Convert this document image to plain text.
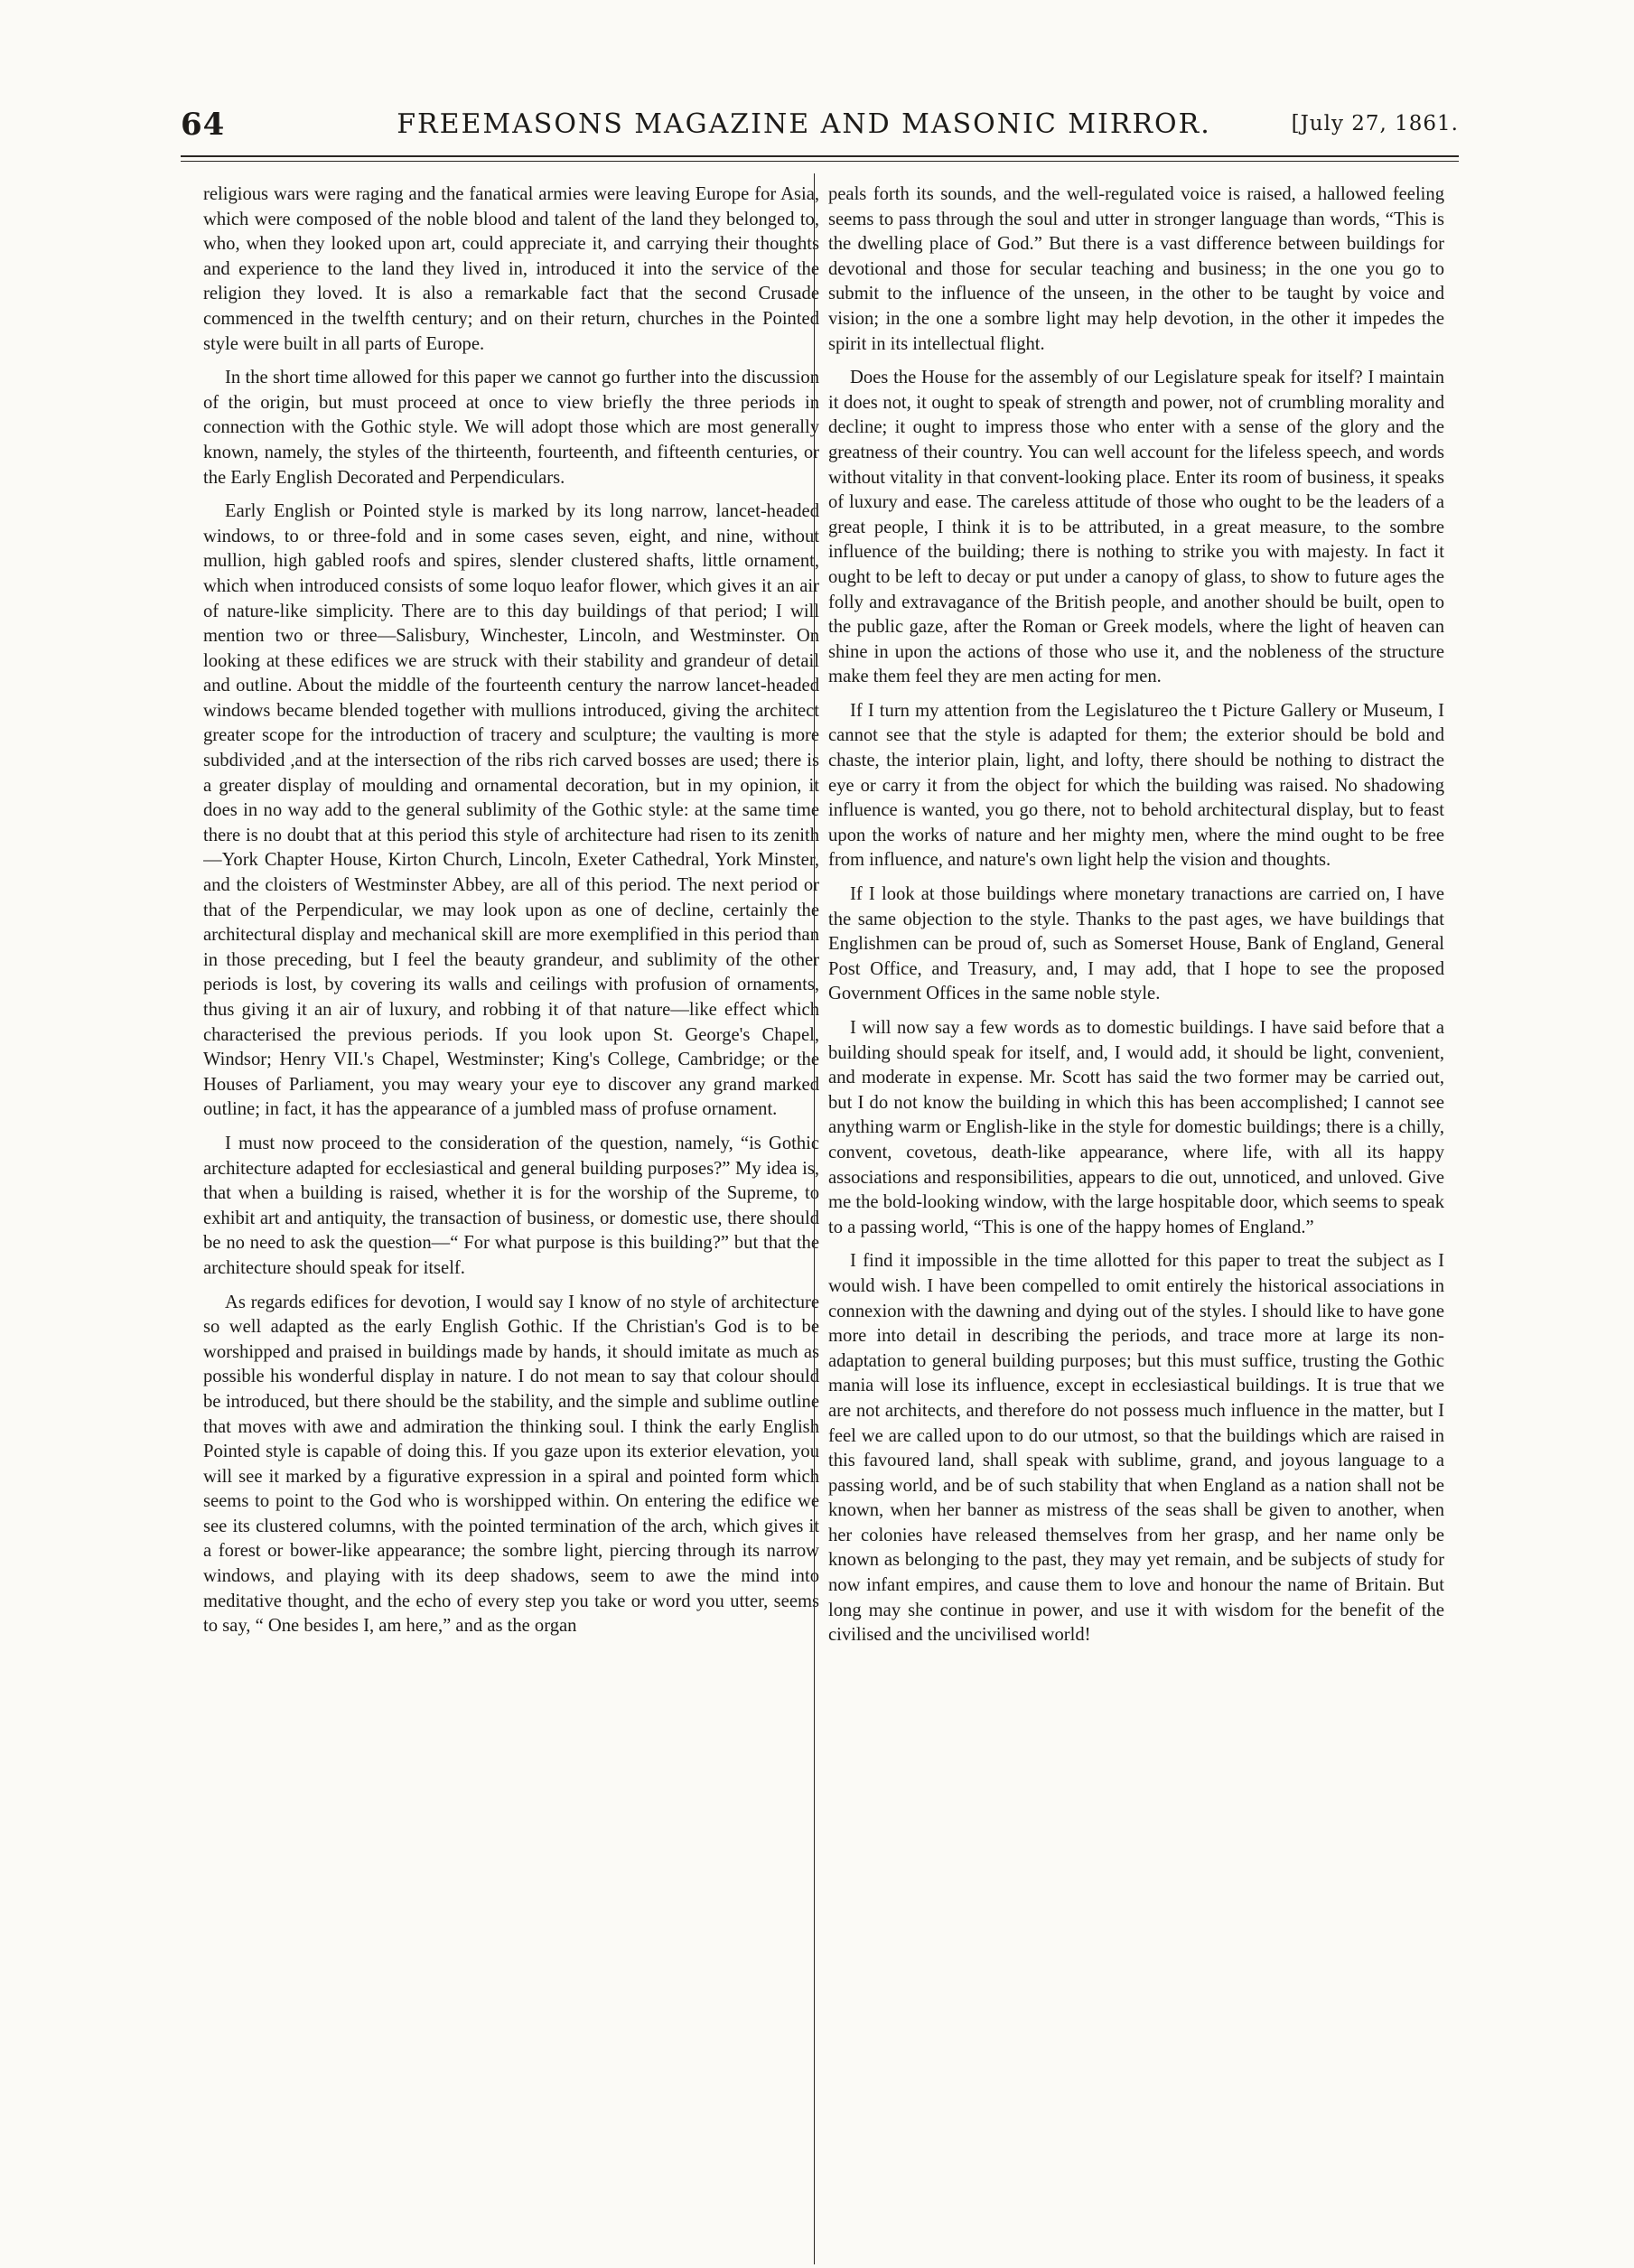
64	FREEMASONS MAGAZINE AND MASONIC MIRROR.	[July 27, 1861.

religious wars were raging and the fanatical armies were leaving Europe for Asia, which were composed of the noble blood and talent of the land they belonged to, who, when they looked upon art, could appreciate it, and carrying their thoughts and experience to the land they lived in, introduced it into the service of the religion they loved. It is also a remarkable fact that the second Crusade commenced in the twelfth century; and on their return, churches in the Pointed style were built in all parts of Europe.

In the short time allowed for this paper we cannot go further into the discussion of the origin, but must proceed at once to view briefly the three periods in connection with the Gothic style. We will adopt those which are most generally known, namely, the styles of the thirteenth, fourteenth, and fifteenth centuries, or the Early English Decorated and Perpendiculars.

Early English or Pointed style is marked by its long narrow, lancet-headed windows, to or three-fold and in some cases seven, eight, and nine, without mullion, high gabled roofs and spires, slender clustered shafts, little ornament, which when introduced consists of some loquo leafor flower, which gives it an air of nature-like simplicity. There are to this day buildings of that period; I will mention two or three—Salisbury, Winchester, Lincoln, and Westminster. On looking at these edifices we are struck with their stability and grandeur of detail and outline. About the middle of the fourteenth century the narrow lancet-headed windows became blended together with mullions introduced, giving the architect greater scope for the introduction of tracery and sculpture; the vaulting is more subdivided ,and at the intersection of the ribs rich carved bosses are used; there is a greater display of moulding and ornamental decoration, but in my opinion, it does in no way add to the general sublimity of the Gothic style: at the same time there is no doubt that at this period this style of architecture had risen to its zenith—York Chapter House, Kirton Church, Lincoln, Exeter Cathedral, York Minster, and the cloisters of Westminster Abbey, are all of this period. The next period or that of the Perpendicular, we may look upon as one of decline, certainly the architectural display and mechanical skill are more exemplified in this period than in those preceding, but I feel the beauty grandeur, and sublimity of the other periods is lost, by covering its walls and ceilings with profusion of ornaments, thus giving it an air of luxury, and robbing it of that nature—like effect which characterised the previous periods. If you look upon St. George's Chapel, Windsor; Henry VII.'s Chapel, Westminster; King's College, Cambridge; or the Houses of Parliament, you may weary your eye to discover any grand marked outline; in fact, it has the appearance of a jumbled mass of profuse ornament.

I must now proceed to the consideration of the question, namely, “is Gothic architecture adapted for ecclesiastical and general building purposes?” My idea is, that when a building is raised, whether it is for the worship of the Supreme, to exhibit art and antiquity, the transaction of business, or domestic use, there should be no need to ask the question—“ For what purpose is this building?” but that the architecture should speak for itself.

As regards edifices for devotion, I would say I know of no style of architecture so well adapted as the early English Gothic. If the Christian's God is to be worshipped and praised in buildings made by hands, it should imitate as much as possible his wonderful display in nature. I do not mean to say that colour should be introduced, but there should be the stability, and the simple and sublime outline that moves with awe and admiration the thinking soul. I think the early English Pointed style is capable of doing this. If you gaze upon its exterior elevation, you will see it marked by a figurative expression in a spiral and pointed form which seems to point to the God who is worshipped within. On entering the edifice we see its clustered columns, with the pointed termination of the arch, which gives it a forest or bower-like appearance; the sombre light, piercing through its narrow windows, and playing with its deep shadows, seem to awe the mind into meditative thought, and the echo of every step you take or word you utter, seems to say, “ One besides I, am here,” and as the organ

peals forth its sounds, and the well-regulated voice is raised, a hallowed feeling seems to pass through the soul and utter in stronger language than words, “This is the dwelling place of God.” But there is a vast difference between buildings for devotional and those for secular teaching and business; in the one you go to submit to the influence of the unseen, in the other to be taught by voice and vision; in the one a sombre light may help devotion, in the other it impedes the spirit in its intellectual flight.

Does the House for the assembly of our Legislature speak for itself? I maintain it does not, it ought to speak of strength and power, not of crumbling morality and decline; it ought to impress those who enter with a sense of the glory and the greatness of their country. You can well account for the lifeless speech, and words without vitality in that convent-looking place. Enter its room of business, it speaks of luxury and ease. The careless attitude of those who ought to be the leaders of a great people, I think it is to be attributed, in a great measure, to the sombre influence of the building; there is nothing to strike you with majesty. In fact it ought to be left to decay or put under a canopy of glass, to show to future ages the folly and extravagance of the British people, and another should be built, open to the public gaze, after the Roman or Greek models, where the light of heaven can shine in upon the actions of those who use it, and the nobleness of the structure make them feel they are men acting for men.

If I turn my attention from the Legislatureo the t Picture Gallery or Museum, I cannot see that the style is adapted for them; the exterior should be bold and chaste, the interior plain, light, and lofty, there should be nothing to distract the eye or carry it from the object for which the building was raised. No shadowing influence is wanted, you go there, not to behold architectural display, but to feast upon the works of nature and her mighty men, where the mind ought to be free from influence, and nature's own light help the vision and thoughts.

If I look at those buildings where monetary tranactions are carried on, I have the same objection to the style. Thanks to the past ages, we have buildings that Englishmen can be proud of, such as Somerset House, Bank of England, General Post Office, and Treasury, and, I may add, that I hope to see the proposed Government Offices in the same noble style.

I will now say a few words as to domestic buildings. I have said before that a building should speak for itself, and, I would add, it should be light, convenient, and moderate in expense. Mr. Scott has said the two former may be carried out, but I do not know the building in which this has been accomplished; I cannot see anything warm or English-like in the style for domestic buildings; there is a chilly, convent, covetous, death-like appearance, where life, with all its happy associations and responsibilities, appears to die out, unnoticed, and unloved. Give me the bold-looking window, with the large hospitable door, which seems to speak to a passing world, “This is one of the happy homes of England.”

I find it impossible in the time allotted for this paper to treat the subject as I would wish. I have been compelled to omit entirely the historical associations in connexion with the dawning and dying out of the styles. I should like to have gone more into detail in describing the periods, and trace more at large its non-adaptation to general building purposes; but this must suffice, trusting the Gothic mania will lose its influence, except in ecclesiastical buildings. It is true that we are not architects, and therefore do not possess much influence in the matter, but I feel we are called upon to do our utmost, so that the buildings which are raised in this favoured land, shall speak with sublime, grand, and joyous language to a passing world, and be of such stability that when England as a nation shall not be known, when her banner as mistress of the seas shall be given to another, when her colonies have released themselves from her grasp, and her name only be known as belonging to the past, they may yet remain, and be subjects of study for now infant empires, and cause them to love and honour the name of Britain. But long may she continue in power, and use it with wisdom for the benefit of the civilised and the uncivilised world!
